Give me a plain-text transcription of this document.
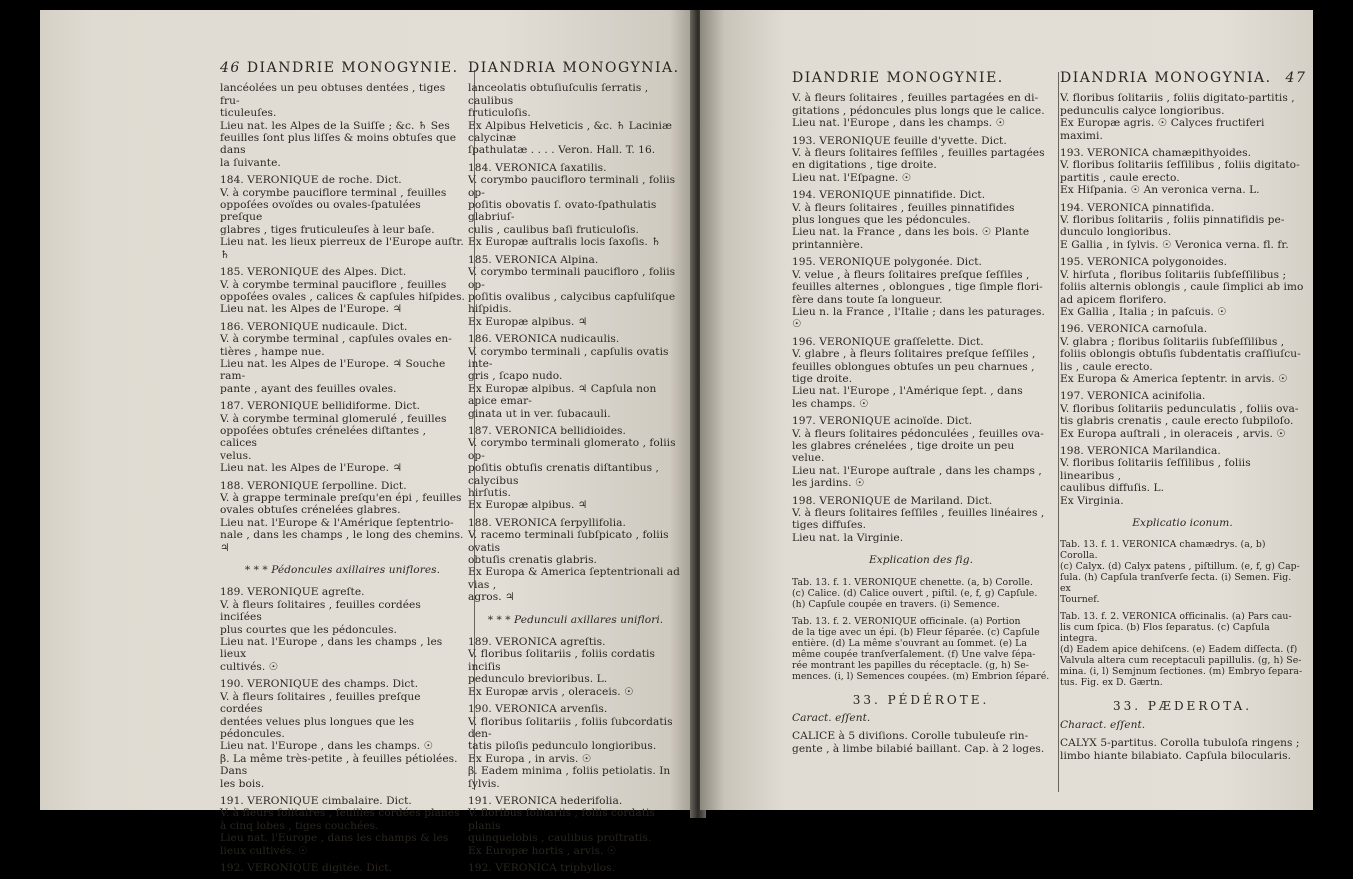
46 DIANDRIE MONOGYNIE.

lancéolées un peu obtuses dentées , tiges fru-

ticuleuſes.

Lieu nat. les Alpes de la Suiſſe ; &c. ♄ Ses

feuilles ſont plus liſſes & moins obtuſes que dans

la ſuivante.

184. VERONIQUE de roche. Dict.

V. à corymbe pauciflore terminal , feuilles

oppoſées ovoïdes ou ovales-ſpatulées preſque

glabres , tiges fruticuleuſes à leur baſe.

Lieu nat. les lieux pierreux de l'Europe auſtr. ♄

185. VERONIQUE des Alpes. Dict.

V. à corymbe terminal pauciflore , feuilles

oppoſées ovales , calices & capſules hiſpides.

Lieu nat. les Alpes de l'Europe. ♃

186. VERONIQUE nudicaule. Dict.

V. à corymbe terminal , capſules ovales en-

tières , hampe nue.

Lieu nat. les Alpes de l'Europe. ♃ Souche ram-

pante , ayant des feuilles ovales.

187. VERONIQUE bellidiforme. Dict.

V. à corymbe terminal glomerulé , feuilles

oppoſées obtuſes crénelées diſtantes , calices

velus.

Lieu nat. les Alpes de l'Europe. ♃

188. VERONIQUE ſerpolline. Dict.

V. à grappe terminale preſqu'en épi , feuilles

ovales obtuſes crénelées glabres.

Lieu nat. l'Europe & l'Amérique ſeptentrio-

nale , dans les champs , le long des chemins. ♃

* * * Pédoncules axillaires uniflores.

189. VERONIQUE agreſte.

V. à fleurs ſolitaires , feuilles cordées inciſées

plus courtes que les pédoncules.

Lieu nat. l'Europe , dans les champs , les lieux

cultivés. ☉

190. VERONIQUE des champs. Dict.

V. à fleurs ſolitaires , feuilles preſque cordées

dentées velues plus longues que les pédoncules.

Lieu nat. l'Europe , dans les champs. ☉

β. La même très-petite , à feuilles pétiolées. Dans

les bois.

191. VERONIQUE cimbalaire. Dict.

V. à fleurs ſolitaires , feuilles cordées planes

à cinq lobes , tiges couchées.

Lieu nat. l'Europe , dans les champs & les

lieux cultivés. ☉

192. VERONIQUE digitée. Dict.

DIANDRIA MONOGYNIA.

lanceolatis obtuſiuſculis ſerratis , caulibus

fruticuloſis.

Ex Alpibus Helveticis , &c. ♄ Laciniæ calycinæ

ſpathulatæ . . . . Veron. Hall. T. 16.

184. VERONICA ſaxatilis.

V. corymbo paucifloro terminali , foliis op-

poſitis obovatis ſ. ovato-ſpathulatis glabriuſ-

culis , caulibus baſi fruticuloſis.

Ex Europæ auſtralis locis ſaxoſis. ♄

185. VERONICA Alpina.

V. corymbo terminali paucifloro , foliis op-

poſitis ovalibus , calycibus capſuliſque hiſpidis.

Ex Europæ alpibus. ♃

186. VERONICA nudicaulis.

V. corymbo terminali , capſulis ovatis inte-

gris , ſcapo nudo.

Ex Europæ alpibus. ♃ Capſula non apice emar-

ginata ut in ver. ſubacauli.

187. VERONICA bellidioides.

V. corymbo terminali glomerato , foliis op-

poſitis obtuſis crenatis diſtantibus , calycibus

hirſutis.

Ex Europæ alpibus. ♃

188. VERONICA ſerpyllifolia.

V. racemo terminali ſubſpicato , foliis ovatis

obtuſis crenatis glabris.

Ex Europa & America ſeptentrionali ad vias ,

agros. ♃

* * * Pedunculi axillares uniflori.

189. VERONICA agreſtis.

V. floribus ſolitariis , foliis cordatis inciſis

pedunculo brevioribus. L.

Ex Europæ arvis , oleraceis. ☉

190. VERONICA arvenſis.

V. floribus ſolitariis , foliis ſubcordatis den-

tatis piloſis pedunculo longioribus.

Ex Europa , in arvis. ☉

β. Eadem minima , foliis petiolatis. In ſylvis.

191. VERONICA hederifolia.

V. floribus ſolitariis , foliis cordatis planis

quinquelobis , caulibus proſtratis.

Ex Europæ hortis , arvis. ☉

192. VERONICA triphyllos.

DIANDRIE MONOGYNIE.

V. à fleurs ſolitaires , feuilles partagées en di-

gitations , pédoncules plus longs que le calice.

Lieu nat. l'Europe , dans les champs. ☉

193. VERONIQUE feuille d'yvette. Dict.

V. à fleurs ſolitaires ſeſſiles , feuilles partagées

en digitations , tige droite.

Lieu nat. l'Eſpagne. ☉

194. VERONIQUE pinnatifide. Dict.

V. à fleurs ſolitaires , feuilles pinnatifides

plus longues que les pédoncules.

Lieu nat. la France , dans les bois. ☉ Plante

printannière.

195. VERONIQUE polygonée. Dict.

V. velue , à fleurs ſolitaires preſque ſeſſiles ,

feuilles alternes , oblongues , tige ſimple flori-

fère dans toute ſa longueur.

Lieu n. la France , l'Italie ; dans les paturages. ☉

196. VERONIQUE graſſelette. Dict.

V. glabre , à fleurs ſolitaires preſque ſeſſiles ,

feuilles oblongues obtuſes un peu charnues ,

tige droite.

Lieu nat. l'Europe , l'Amérique ſept. , dans

les champs. ☉

197. VERONIQUE acinoïde. Dict.

V. à fleurs ſolitaires pédonculées , feuilles ova-

les glabres crénelées , tige droite un peu velue.

Lieu nat. l'Europe auſtrale , dans les champs ,

les jardins. ☉

198. VERONIQUE de Mariland. Dict.

V. à fleurs ſolitaires ſeſſiles , feuilles linéaires ,

tiges diffuſes.

Lieu nat. la Virginie.

Explication des fig.

Tab. 13. f. 1. VERONIQUE chenette. (a, b) Corolle.

(c) Calice. (d) Calice ouvert , piſtil. (e, f, g) Capſule.

(h) Capſule coupée en travers. (i) Semence.

Tab. 13. f. 2. VERONIQUE officinale. (a) Portion

de la tige avec un épi. (b) Fleur ſéparée. (c) Capſule

entière. (d) La même s'ouvrant au ſommet. (e) La

même coupée tranſverſalement. (f) Une valve ſépa-

rée montrant les papilles du réceptacle. (g, h) Se-

mences. (i, l) Semences coupées. (m) Embrion ſéparé.

33. PÉDÉROTE.
Caract. eſſent.

CALICE à 5 diviſions. Corolle tubuleuſe rin-

gente , à limbe bilabié baillant. Cap. à 2 loges.

DIANDRIA MONOGYNIA. 47

V. floribus ſolitariis , foliis digitato-partitis ,

pedunculis calyce longioribus.

Ex Europæ agris. ☉ Calyces fructiferi maximi.

193. VERONICA chamæpithyoides.

V. floribus ſolitariis ſeſſilibus , foliis digitato-

partitis , caule erecto.

Ex Hiſpania. ☉ An veronica verna. L.

194. VERONICA pinnatifida.

V. floribus ſolitariis , foliis pinnatifidis pe-

dunculo longioribus.

E Gallia , in ſylvis. ☉ Veronica verna. fl. fr.

195. VERONICA polygonoides.

V. hirſuta , floribus ſolitariis ſubſeſſilibus ;

foliis alternis oblongis , caule ſimplici ab imo

ad apicem florifero.

Ex Gallia , Italia ; in paſcuis. ☉

196. VERONICA carnoſula.

V. glabra ; floribus ſolitariis ſubſeſſilibus ,

foliis oblongis obtuſis ſubdentatis craſſiuſcu-

lis , caule erecto.

Ex Europa & America ſeptentr. in arvis. ☉

197. VERONICA acinifolia.

V. floribus ſolitariis pedunculatis , foliis ova-

tis glabris crenatis , caule erecto ſubpiloſo.

Ex Europa auſtrali , in oleraceis , arvis. ☉

198. VERONICA Marilandica.

V. floribus ſolitariis ſeſſilibus , foliis linearibus ,

caulibus diffuſis. L.

Ex Virginia.

Explicatio iconum.

Tab. 13. f. 1. VERONICA chamædrys. (a, b) Corolla.

(c) Calyx. (d) Calyx patens , piſtillum. (e, f, g) Cap-

ſula. (h) Capſula tranſverſe ſecta. (i) Semen. Fig. ex

Tournef.

Tab. 13. f. 2. VERONICA officinalis. (a) Pars cau-

lis cum ſpica. (b) Flos ſeparatus. (c) Capſula integra.

(d) Eadem apice dehiſcens. (e) Eadem diſſecta. (f)

Valvula altera cum receptaculi papillulis. (g, h) Se-

mina. (i, l) Semjnum ſectiones. (m) Embryo ſepara-

tus. Fig. ex D. Gærtn.

33. PÆDEROTA.
Charact. eſſent.

CALYX 5-partitus. Corolla tubuloſa ringens ;

limbo hiante bilabiato. Capſula bilocularis.
